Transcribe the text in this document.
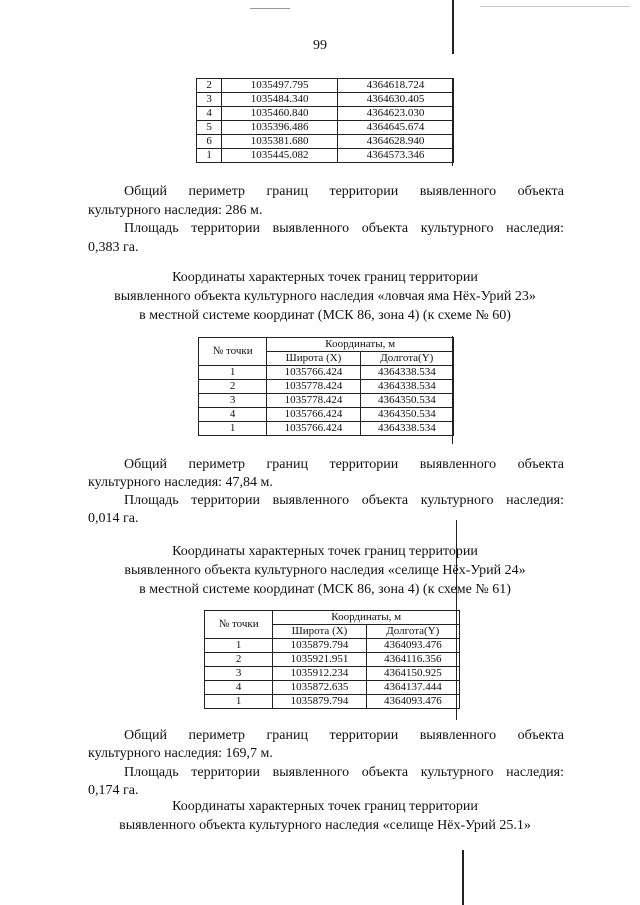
99
2	1035497.795	4364618.724
3	1035484.340	4364630.405
4	1035460.840	4364623.030
5	1035396.486	4364645.674
6	1035381.680	4364628.940
1	1035445.082	4364573.346
Общий периметр границ территории выявленного объекта
культурного наследия: 286 м.
Площадь территории выявленного объекта культурного наследия:
0,383 га.
Координаты характерных точек границ территории
выявленного объекта культурного наследия «ловчая яма Нёх-Урий 23»
в местной системе координат (МСК 86, зона 4) (к схеме № 60)
№ точки	Координаты, м	
	Широта (X)	Долгота(Y)
1	1035766.424	4364338.534
2	1035778.424	4364338.534
3	1035778.424	4364350.534
4	1035766.424	4364350.534
1	1035766.424	4364338.534
Общий периметр границ территории выявленного объекта
культурного наследия: 47,84 м.
Площадь территории выявленного объекта культурного наследия:
0,014 га.
Координаты характерных точек границ территории
выявленного объекта культурного наследия «селище Нёх-Урий 24»
в местной системе координат (МСК 86, зона 4) (к схеме № 61)
№ точки	Координаты, м	
	Широта (X)	Долгота(Y)
1	1035879.794	4364093.476
2	1035921.951	4364116.356
3	1035912.234	4364150.925
4	1035872.635	4364137.444
1	1035879.794	4364093.476
Общий периметр границ территории выявленного объекта
культурного наследия: 169,7 м.
Площадь территории выявленного объекта культурного наследия:
0,174 га.
Координаты характерных точек границ территории
выявленного объекта культурного наследия «селище Нёх-Урий 25.1»
